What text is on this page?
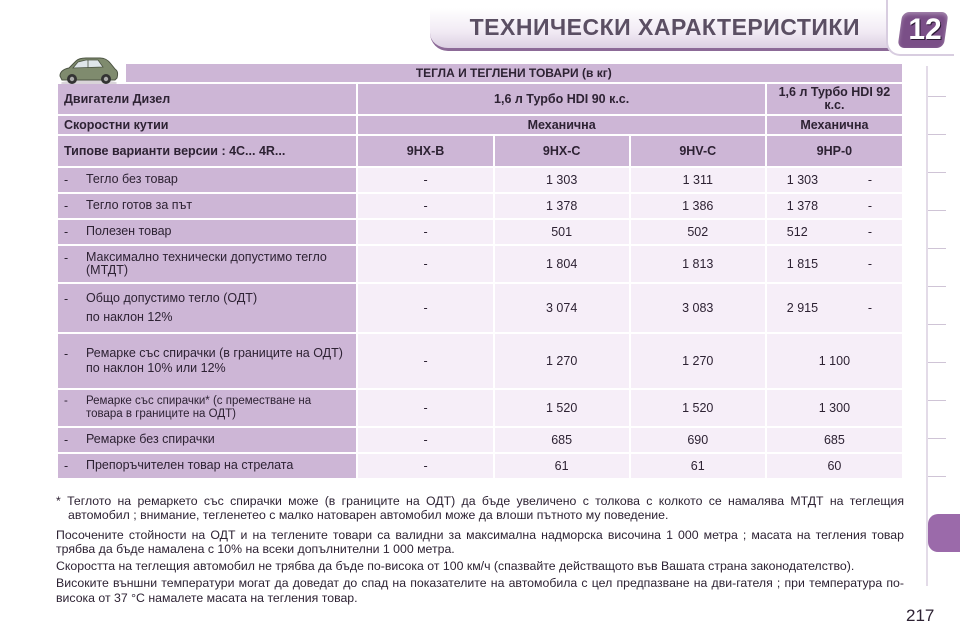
ТЕХНИЧЕСКИ ХАРАКТЕРИСТИКИ 12
	ТЕГЛА И ТЕГЛЕНИ ТОВАРИ (в кг)				
Двигатели Дизел		1,6 л Турбо HDI 90 к.с.			1,6 л Турбо HDI 92 к.с.
Скоростни кутии		Механична			Механична
Типове варианти версии : 4C... 4R...		9HX-B	9HX-C	9HV-C	9HP-0

- Тегло без товар		-	1 303	1 311	1 303 -

- Тегло готов за път		-	1 378	1 386	1 378 -

- Полезен товар		-	501	502	512 -

- Максимално технически допустимо тегло (МТДТ)		-	1 804	1 813	1 815 -

- Общо допустимо тегло (ОДТ)
по наклон 12%		-	3 074	3 083	2 915 -

- Ремарке със спирачки (в границите на ОДТ)
по наклон 10% или 12%		-	1 270	1 270	1 100

- Ремарке със спирачки* (с преместване на товара в границите на ОДТ)		-	1 520	1 520	1 300

- Ремарке без спирачки		-	685	690	685

- Препоръчителен товар на стрелата		-	61	61	60

* Теглото на ремаркето със спирачки може (в границите на ОДТ) да бъде увеличено с толкова с колкото се намалява МТДТ на теглещия автомобил ; внимание, тегленетео с малко натоварен автомобил може да влоши пътното му поведение.

Посочените стойности на ОДТ и на теглените товари са валидни за максимална надморска височина 1 000 метра ; масата на тегления товар трябва да бъде намалена с 10% на всеки допълнителни 1 000 метра.

Скоростта на теглещия автомобил не трябва да бъде по-висока от 100 км/ч (спазвайте действащото във Вашата страна законодателство).

Високите външни температури могат да доведат до спад на показателите на автомобила с цел предпазване на дви-гателя ; при температура по-висока от 37 °C намалете масата на тегления товар.

217
